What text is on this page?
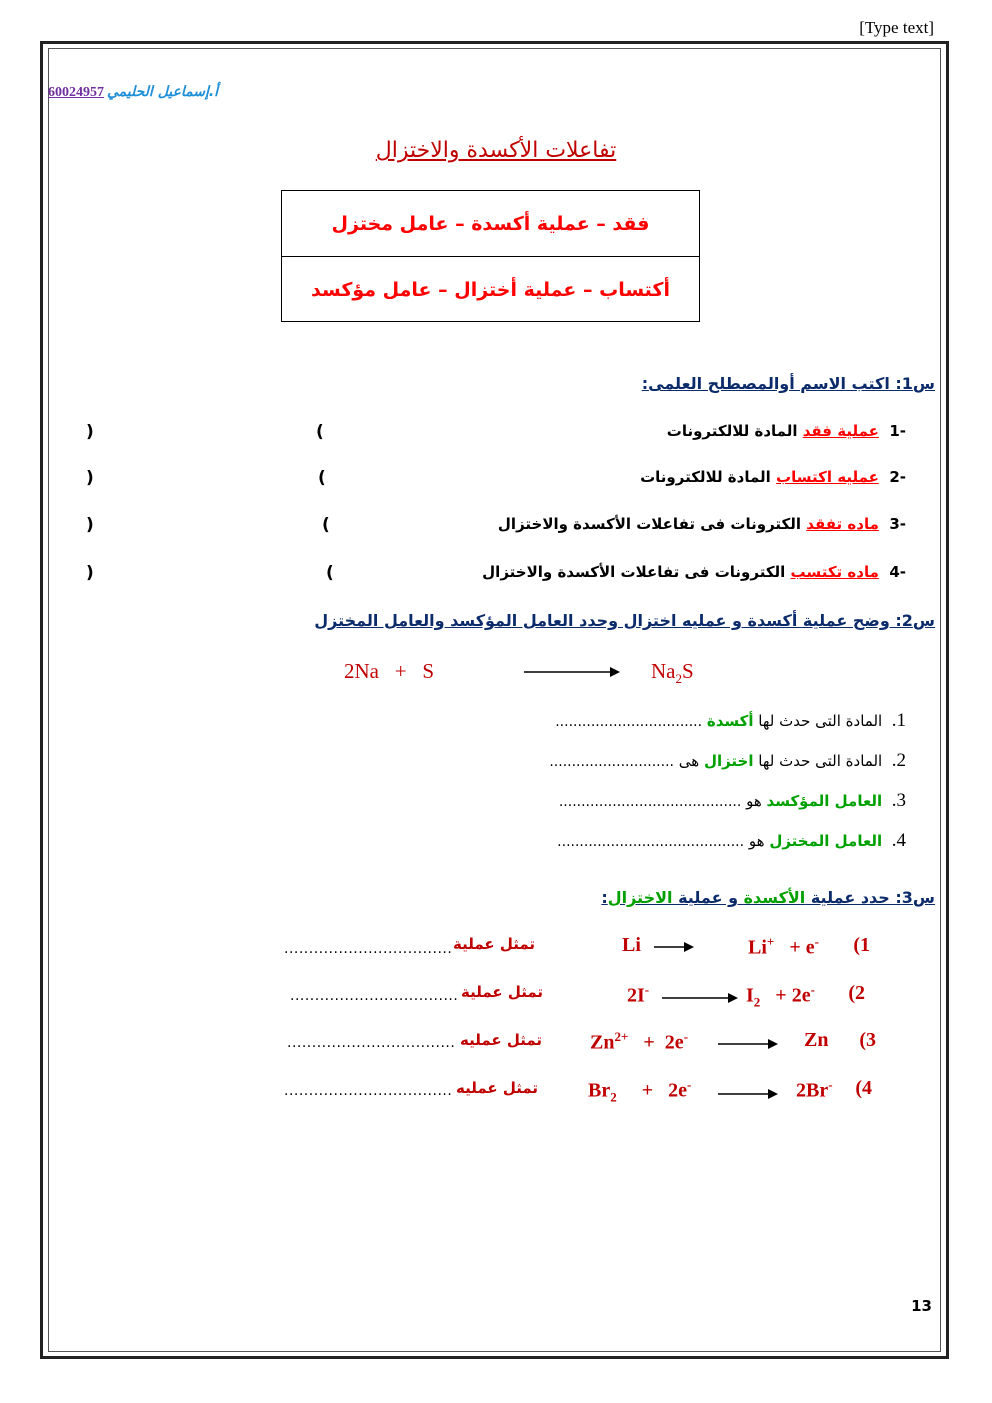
[Type text]
60024957 أ.إسماعيل الحليمي
تفاعلات الأكسدة والاختزال
فقد – عملية أكسدة – عامل مختزل
أكتساب – عملية أختزال – عامل مؤكسد
س1: اكتب الاسم أوالمصطلح العلمى:
-1  عملية فقد المادة للالكترونات
(
)
-2  عمليه اكتساب المادة للالكترونات
(
)
-3  ماده تفقد الكترونات فى تفاعلات الأكسدة والاختزال
(
)
-4  ماده تكتسب الكترونات فى تفاعلات الأكسدة والاختزال
(
)
س2: وضح عملية أكسدة و عمليه اختزال وحدد العامل المؤكسد والعامل المختزل
2Na   +   S	$Na_2S$
1.  المادة التى حدث لها أكسدة .................................
2.  المادة التى حدث لها اختزال هى ............................
3.  العامل المؤكسد هو .........................................
4.  العامل المختزل هو ..........................................
س3: حدد عملية الأكسدة و عملية الاختزال:
(1
Li+ + e-
Li
تمثل عملية
..................................
(2
$I_2 + 2e^-$
2I-
تمثل عملية
..................................
(3
Zn
$Zn^{2+} + 2e^-$
تمثل عمليه
..................................
(4
2Br-
$Br_2 + 2e^-$
تمثل عمليه
..................................
13
